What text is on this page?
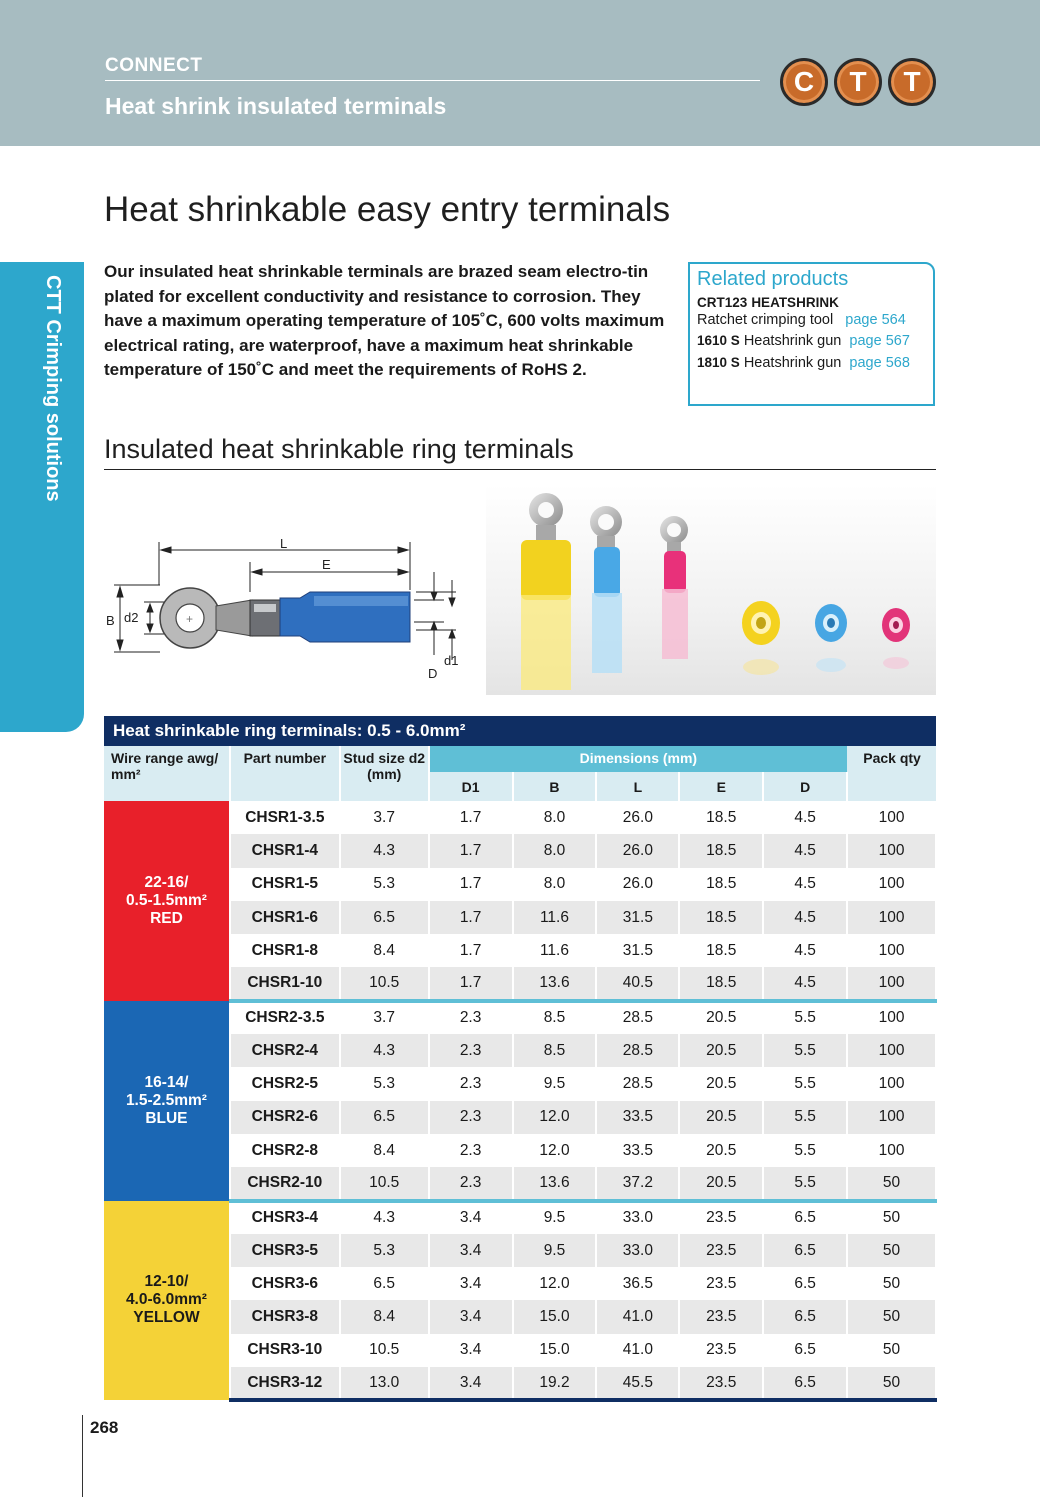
CONNECT
Heat shrink insulated terminals
C	T	T
CTT Crimping solutions
Heat shrinkable easy entry terminals
Our insulated heat shrinkable terminals are brazed seam electro-tin plated for excellent conductivity and resistance to corrosion. They have a maximum operating temperature of 105˚C, 600 volts maximum electrical rating, are waterproof, have a maximum heat shrinkable temperature of 150˚C and meet the requirements of RoHS 2.
Related products
CRT123 HEATSHRINK
Ratchet crimping tool page 564
1610 S Heatshrink gun page 567
1810 S Heatshrink gun page 568
Insulated heat shrinkable ring terminals
+
L
E
B d2
d1
D
Heat shrinkable ring terminals: 0.5 - 6.0mm²								
Wire range awg/ mm²	Part number	Stud size d2 (mm)	Dimensions (mm)					Pack qty
			D1	B	L	E	D	

22-16/
0.5-1.5mm²
RED	CHSR1-3.5	3.7	1.7	8.0	26.0	18.5	4.5	100
	CHSR1-4	4.3	1.7	8.0	26.0	18.5	4.5	100
	CHSR1-5	5.3	1.7	8.0	26.0	18.5	4.5	100
	CHSR1-6	6.5	1.7	11.6	31.5	18.5	4.5	100
	CHSR1-8	8.4	1.7	11.6	31.5	18.5	4.5	100
	CHSR1-10	10.5	1.7	13.6	40.5	18.5	4.5	100

16-14/
1.5-2.5mm²
BLUE	CHSR2-3.5	3.7	2.3	8.5	28.5	20.5	5.5	100
	CHSR2-4	4.3	2.3	8.5	28.5	20.5	5.5	100
	CHSR2-5	5.3	2.3	9.5	28.5	20.5	5.5	100
	CHSR2-6	6.5	2.3	12.0	33.5	20.5	5.5	100
	CHSR2-8	8.4	2.3	12.0	33.5	20.5	5.5	100
	CHSR2-10	10.5	2.3	13.6	37.2	20.5	5.5	50

12-10/
4.0-6.0mm²
YELLOW	CHSR3-4	4.3	3.4	9.5	33.0	23.5	6.5	50
	CHSR3-5	5.3	3.4	9.5	33.0	23.5	6.5	50
	CHSR3-6	6.5	3.4	12.0	36.5	23.5	6.5	50
	CHSR3-8	8.4	3.4	15.0	41.0	23.5	6.5	50
	CHSR3-10	10.5	3.4	15.0	41.0	23.5	6.5	50
	CHSR3-12	13.0	3.4	19.2	45.5	23.5	6.5	50
268
